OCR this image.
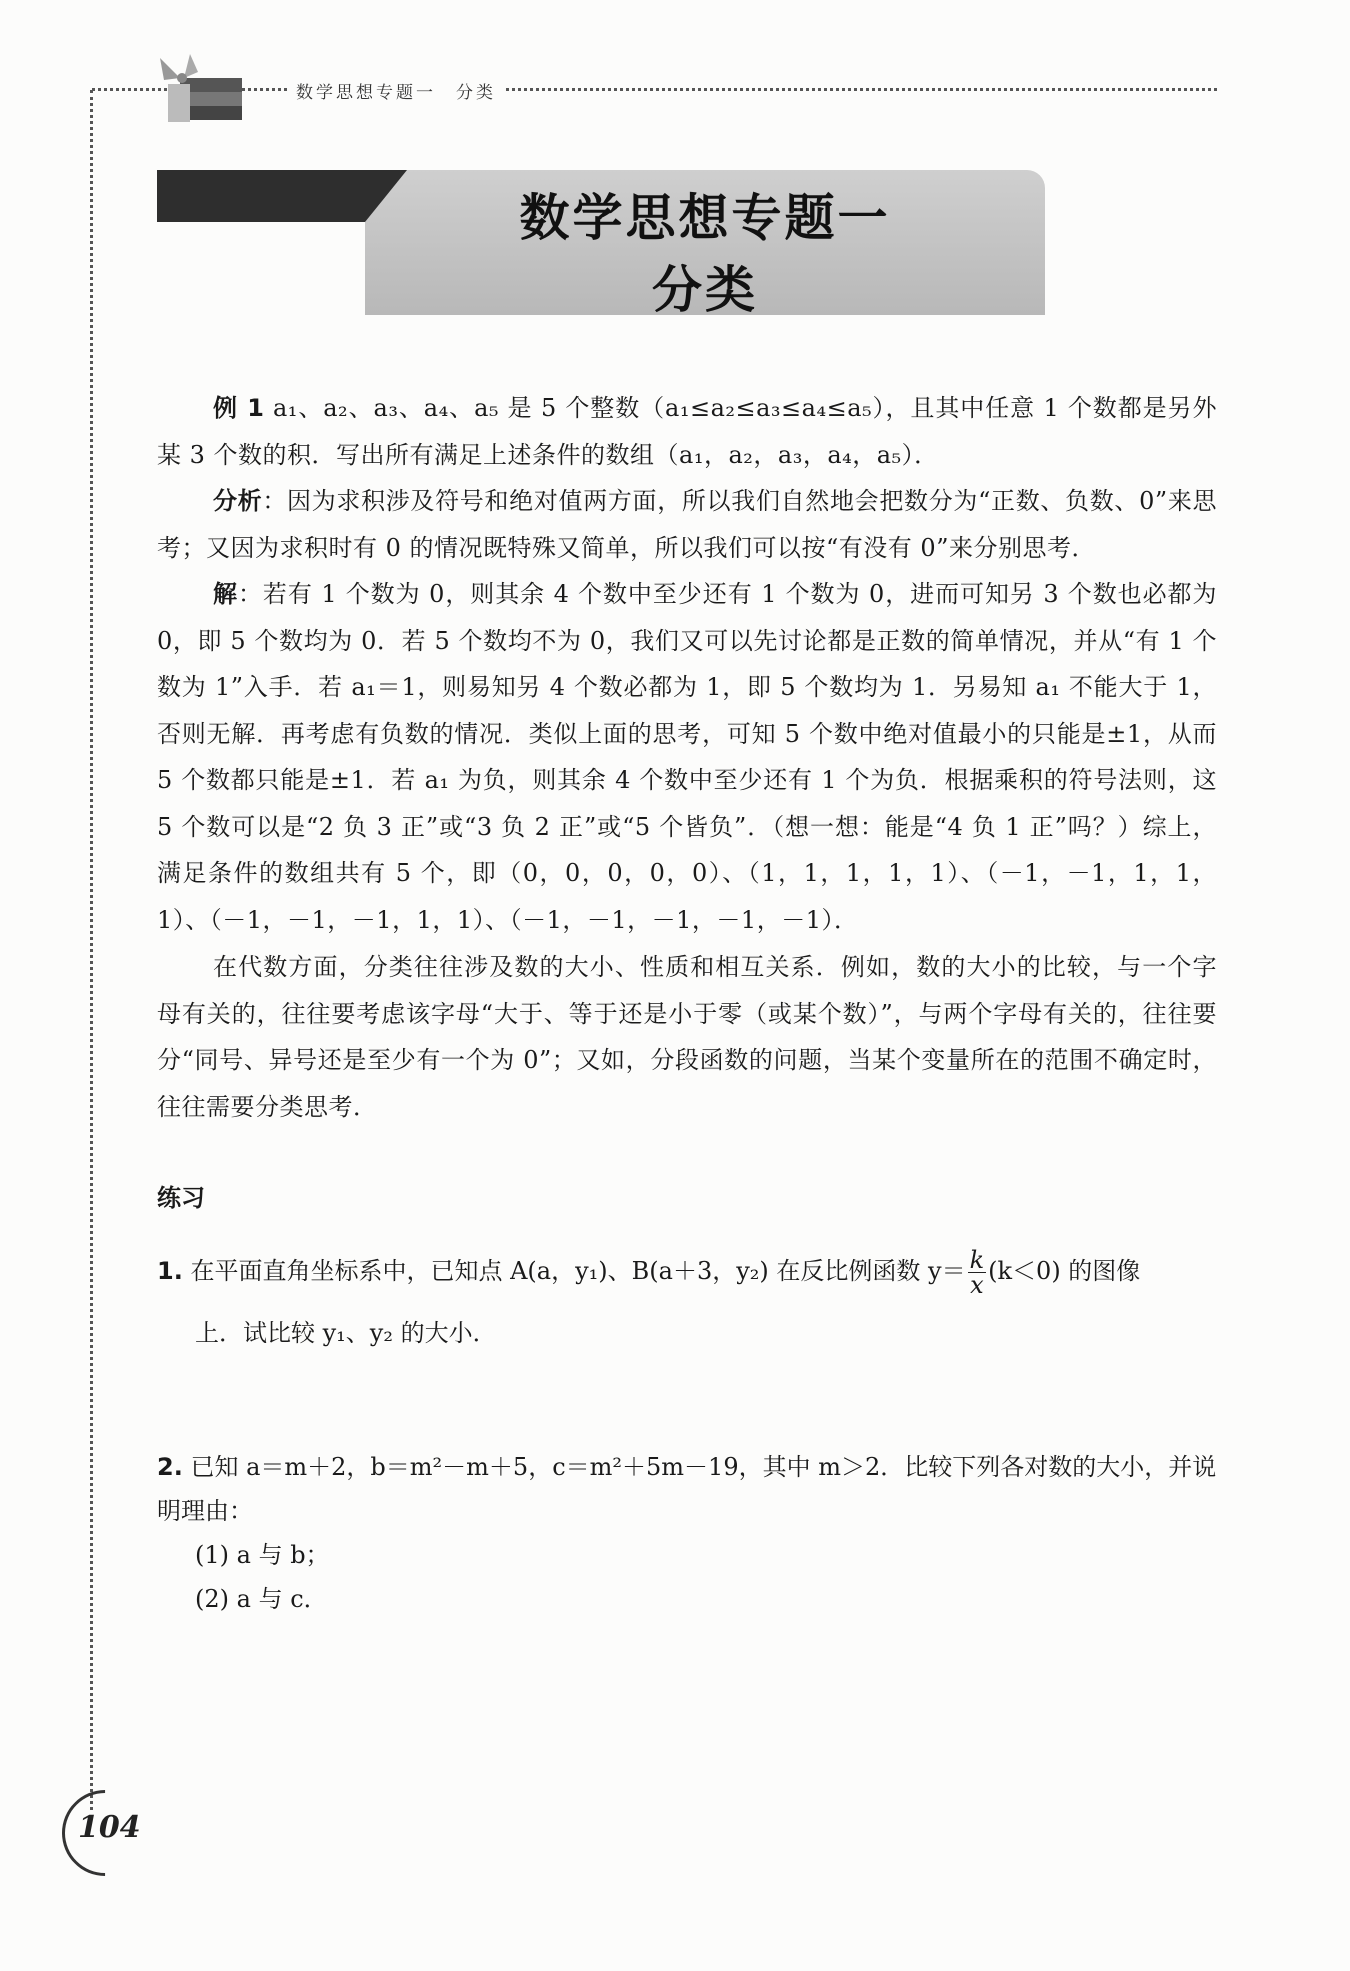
数学思想专题一　分类
数学思想专题一
分类
例 1 a₁、a₂、a₃、a₄、a₅ 是 5 个整数（a₁≤a₂≤a₃≤a₄≤a₅），且其中任意 1 个数都是另外某 3 个数的积．写出所有满足上述条件的数组（a₁，a₂，a₃，a₄，a₅）．
分析：因为求积涉及符号和绝对值两方面，所以我们自然地会把数分为“正数、负数、0”来思考；又因为求积时有 0 的情况既特殊又简单，所以我们可以按“有没有 0”来分别思考．
解：若有 1 个数为 0，则其余 4 个数中至少还有 1 个数为 0，进而可知另 3 个数也必都为 0，即 5 个数均为 0．若 5 个数均不为 0，我们又可以先讨论都是正数的简单情况，并从“有 1 个数为 1”入手．若 a₁＝1，则易知另 4 个数必都为 1，即 5 个数均为 1．另易知 a₁ 不能大于 1，否则无解．再考虑有负数的情况．类似上面的思考，可知 5 个数中绝对值最小的只能是±1，从而 5 个数都只能是±1．若 a₁ 为负，则其余 4 个数中至少还有 1 个为负．根据乘积的符号法则，这 5 个数可以是“2 负 3 正”或“3 负 2 正”或“5 个皆负”．（想一想：能是“4 负 1 正”吗？）综上，满足条件的数组共有 5 个，即（0，0，0，0，0）、（1，1，1，1，1）、（－1，－1，1，1，1）、（－1，－1，－1，1，1）、（－1，－1，－1，－1，－1）．
在代数方面，分类往往涉及数的大小、性质和相互关系．例如，数的大小的比较，与一个字母有关的，往往要考虑该字母“大于、等于还是小于零（或某个数）”，与两个字母有关的，往往要分“同号、异号还是至少有一个为 0”；又如，分段函数的问题，当某个变量所在的范围不确定时，往往需要分类思考．
练习
1. 在平面直角坐标系中，已知点 A(a，y₁)、B(a＋3，y₂) 在反比例函数 $y= \frac{k}{x} (k<0)$ 的图像
上．试比较 y₁、y₂ 的大小．
2. 已知 a＝m＋2，b＝m²－m＋5，c＝m²＋5m－19，其中 m＞2．比较下列各对数的大小，并说明理由：
(1) a 与 b；
(2) a 与 c．
104
